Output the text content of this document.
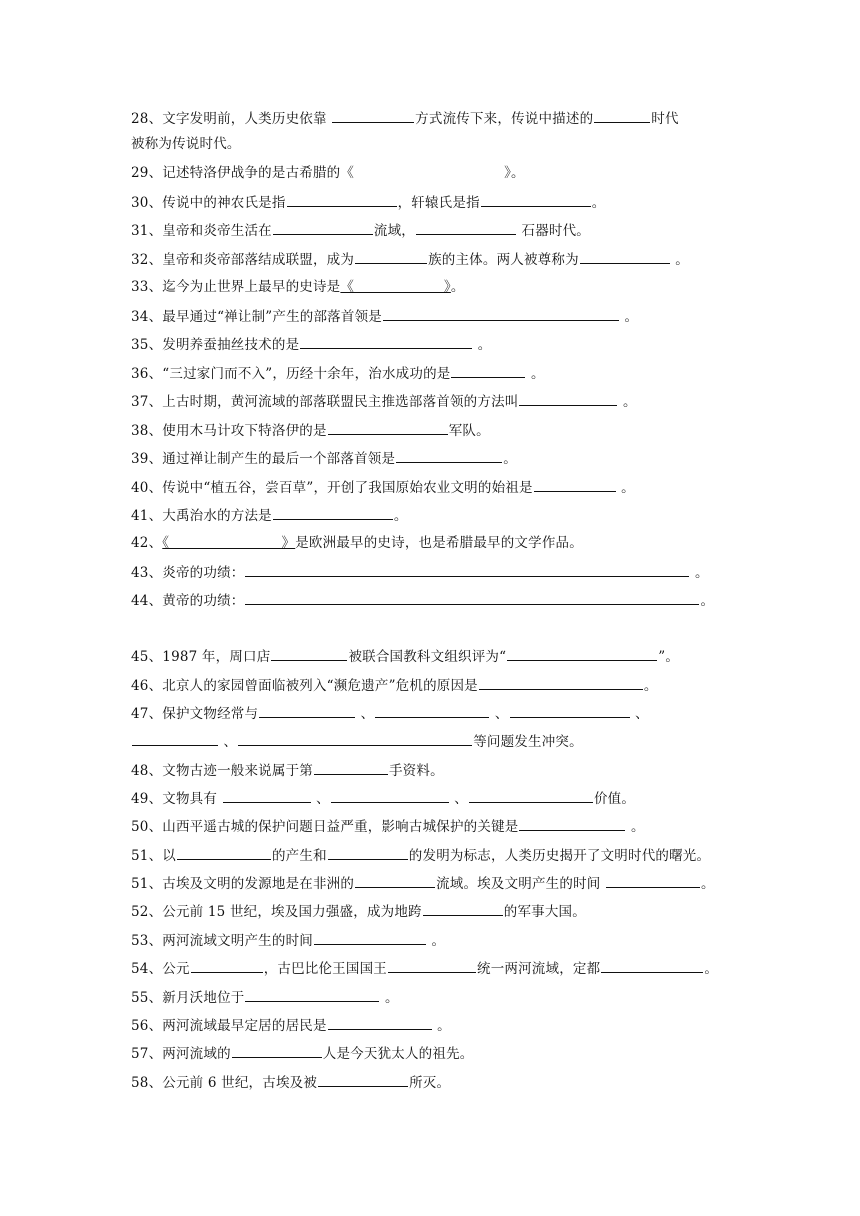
28、文字发明前，人类历史依靠	方式流传下来，传说中描述的	时代
被称为传说时代。
29、记述特洛伊战争的是古希腊的《	》。
30、传说中的神农氏是指	，轩辕氏是指	。
31、皇帝和炎帝生活在	流域，	石器时代。
32、皇帝和炎帝部落结成联盟，成为	族的主体。两人被尊称为	。
33、迄今为止世界上最早的史诗是《                    》。
34、最早通过“禅让制”产生的部落首领是	。
35、发明养蚕抽丝技术的是	。
36、“三过家门而不入”，历经十余年，治水成功的是	。
37、上古时期，黄河流域的部落联盟民主推选部落首领的方法叫	。
38、使用木马计攻下特洛伊的是	军队。
39、通过禅让制产生的最后一个部落首领是	。
40、传说中“植五谷，尝百草”，开创了我国原始农业文明的始祖是	。
41、大禹治水的方法是	。
42、《                         》是欧洲最早的史诗，也是希腊最早的文学作品。
43、炎帝的功绩：	。
44、黄帝的功绩：	。
45、1987 年，周口店	被联合国教科文组织评为“	”。
46、北京人的家园曾面临被列入“濒危遗产”危机的原因是	。
47、保护文物经常与	、	、	、
、	等问题发生冲突。
48、文物古迹一般来说属于第	手资料。
49、文物具有	、	、	价值。
50、山西平遥古城的保护问题日益严重，影响古城保护的关键是	。
51、以	的产生和	的发明为标志，人类历史揭开了文明时代的曙光。
51、古埃及文明的发源地是在非洲的	流域。埃及文明产生的时间	。
52、公元前 15 世纪，埃及国力强盛，成为地跨	的军事大国。
53、两河流域文明产生的时间	。
54、公元	，古巴比伦王国国王	统一两河流域，定都	。
55、新月沃地位于	。
56、两河流域最早定居的居民是	。
57、两河流域的	人是今天犹太人的祖先。
58、公元前 6 世纪，古埃及被	所灭。
